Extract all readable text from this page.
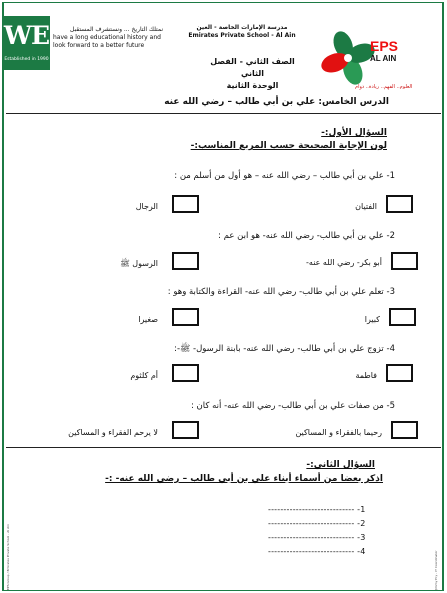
WE
Established in 1990
نمتلك التاريخ ... ونستشرف المستقبل
have a long educational history and look forward to a better future
مدرسة الإمارات الخاصة - العين
Emirates Private School - Al Ain
الصف الثاني - الفصل الثاني
الوحدة الثانية
EPS
AL AIN
العلوم.. الفهم.. ريادة.. دوام
الدرس الخامس: علي بن أبي طالب – رضي الله عنه
السؤال الأول:-
لون الإجابة الصحيحة حسب المربع المناسب:-
1- علي بن أبي طالب – رضي الله عنه – هو أول من أسلم من :
الفتيان
الرجال
2- علي بن أبي طالب- رضي الله عنه- هو ابن عم :
أبو بكر- رضي الله عنه-
الرسول ﷺ
3- تعلم علي بن أبي طالب- رضي الله عنه- القراءة والكتابة وهو :
كبيرا
صغيرا
4- تزوج علي بن أبي طالب- رضي الله عنه- بابنة الرسول- ﷺ-:
فاطمة
أم كلثوم
5- من صفات علي بن أبي طالب- رضي الله عنه- أنه كان :
رحيما بالفقراء و المساكين
لا يرحم الفقراء و المساكين
السؤال الثاني:-
اذكر بعضا من أسماء أبناء علي بن أبي طالب – رضي الله عنه- :-
---------------------------- -1
---------------------------- -2
---------------------------- -3
---------------------------- -4
EPS Group / Emirates Private School - Al Ain	Jimmy H.y - IT Coordinator
